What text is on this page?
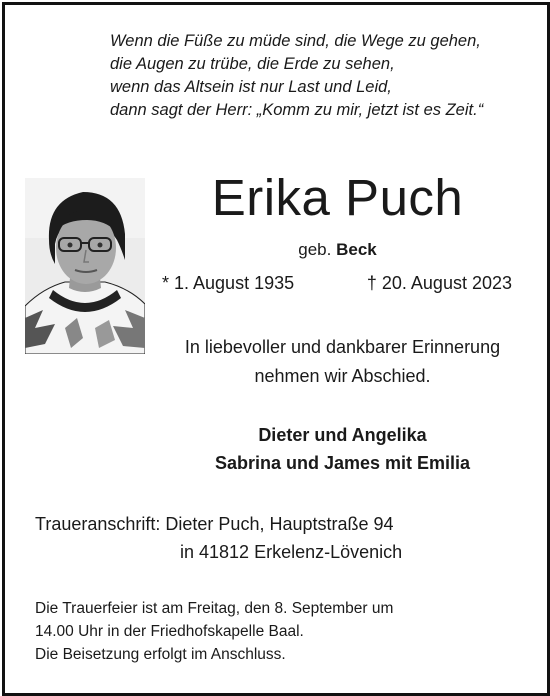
Wenn die Füße zu müde sind, die Wege zu gehen,
die Augen zu trübe, die Erde zu sehen,
wenn das Altsein ist nur Last und Leid,
dann sagt der Herr: „Komm zu mir, jetzt ist es Zeit.“
Erika Puch
geb. Beck
* 1. August 1935	† 20. August 2023
In liebevoller und dankbarer Erinnerung
nehmen wir Abschied.
Dieter und Angelika
Sabrina und James mit Emilia
Traueranschrift: Dieter Puch, Hauptstraße 94
in 41812 Erkelenz-Lövenich
Die Trauerfeier ist am Freitag, den 8. September um
14.00 Uhr in der Friedhofskapelle Baal.
Die Beisetzung erfolgt im Anschluss.
